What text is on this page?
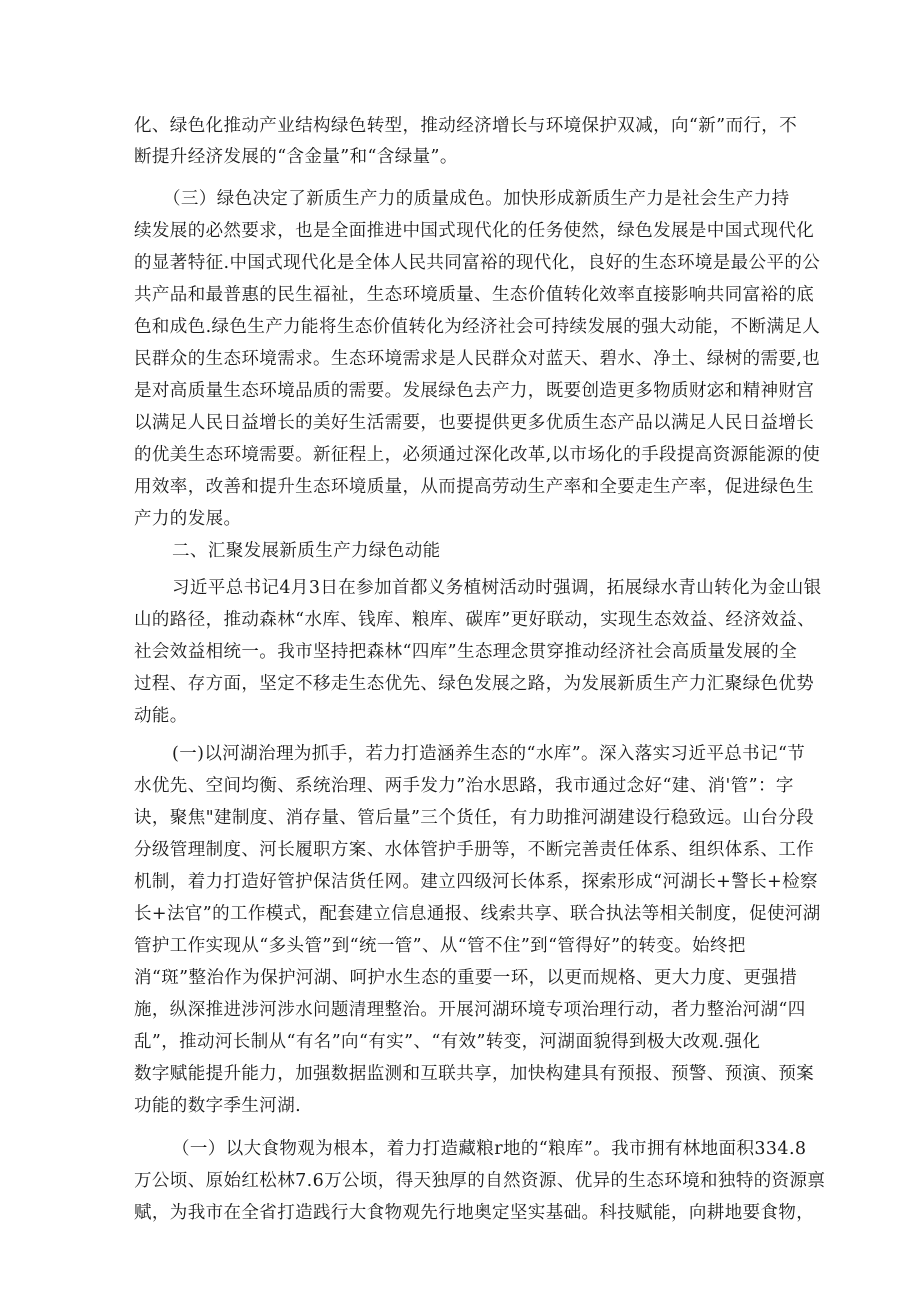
化、绿色化推动产业结构绿色转型，推动经济增长与环境保护双减，向“新”而行，不
断提升经济发展的“含金量”和“含绿量”。
（三）绿色决定了新质生产力的质量成色。加快形成新质生产力是社会生产力持
续发展的必然要求，也是全面推进中国式现代化的任务使然，绿色发展是中国式现代化
的显著特征.中国式现代化是全体人民共同富裕的现代化，良好的生态环境是最公平的公
共产品和最普惠的民生福祉，生态环境质量、生态价值转化效率直接影响共同富裕的底
色和成色.绿色生产力能将生态价值转化为经济社会可持续发展的强大动能，不断满足人
民群众的生态环境需求。生态环境需求是人民群众对蓝天、碧水、净土、绿树的需要,也
是对高质量生态环境品质的需要。发展绿色去产力，既要创造更多物质财宓和精神财宫
以满足人民日益增长的美好生活需要，也要提供更多优质生态产品以满足人民日益增长
的优美生态环境需要。新征程上，必须通过深化改革,以市场化的手段提高资源能源的使
用效率，改善和提升生态环境质量，从而提高劳动生产率和全要走生产率，促进绿色生
产力的发展。
二、汇聚发展新质生产力绿色动能
习近平总书记4月3日在参加首都义务植树活动时强调，拓展绿水青山转化为金山银
山的路径，推动森林“水库、钱库、粮库、碳库”更好联动，实现生态效益、经济效益、
社会效益相统一。我市坚持把森林“四库”生态理念贯穿推动经济社会高质量发展的全
过程、存方面，坚定不移走生态优先、绿色发展之路，为发展新质生产力汇聚绿色优势
动能。
(一)以河湖治理为抓手，若力打造涵养生态的“水库”。深入落实习近平总书记“节
水优先、空间均衡、系统治理、两手发力”治水思路，我市通过念好“建、消'管”：字
诀，聚焦"建制度、消存量、管后量”三个货任，有力助推河湖建设行稳致远。山台分段
分级管理制度、河长履职方案、水体管护手册等，不断完善责任体系、组织体系、工作
机制，着力打造好管护保洁货任网。建立四级河长体系，探索形成“河湖长+警长+检察
长+法官”的工作模式，配套建立信息通报、线索共享、联合执法等相关制度，促使河湖
管护工作实现从“多头管”到“统一管”、从“管不住”到“管得好”的转变。始终把
消“斑”整治作为保护河湖、呵护水生态的重要一环，以更而规格、更大力度、更强措
施，纵深推进涉河涉水问题清理整治。开展河湖环境专项治理行动，者力整治河湖“四
乱”，推动河长制从“有名”向“有实”、“有效”转变，河湖面貌得到极大改观.强化
数字赋能提升能力，加强数据监测和互联共享，加快构建具有预报、预警、预演、预案
功能的数字季生河湖.
（一）以大食物观为根本，着力打造藏粮r地的“粮库”。我市拥有林地面积334.8
万公顷、原始红松林7.6万公顷，得天独厚的自然资源、优异的生态环境和独特的资源禀
赋，为我市在全省打造践行大食物观先行地奥定坚实基础。科技赋能，向耕地要食物，
